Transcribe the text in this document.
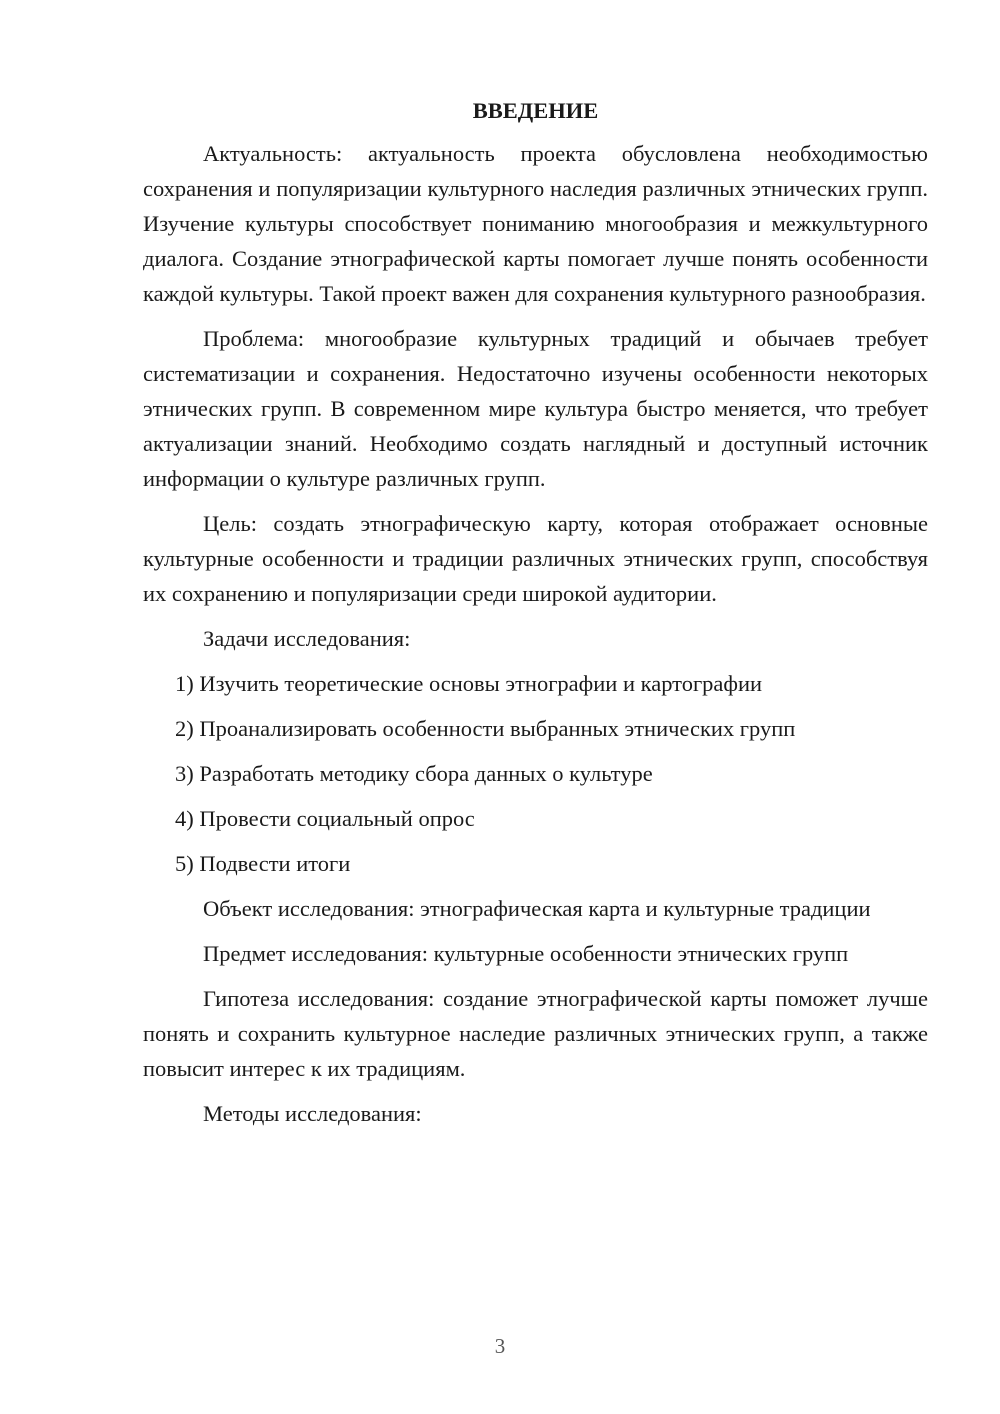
ВВЕДЕНИЕ

Актуальность: актуальность проекта обусловлена необходимостью сохранения и популяризации культурного наследия различных этнических групп. Изучение культуры способствует пониманию многообразия и межкультурного диалога. Создание этнографической карты помогает лучше понять особенности каждой культуры. Такой проект важен для сохранения культурного разнообразия.

Проблема: многообразие культурных традиций и обычаев требует систематизации и сохранения. Недостаточно изучены особенности некоторых этнических групп. В современном мире культура быстро меняется, что требует актуализации знаний. Необходимо создать наглядный и доступный источник информации о культуре различных групп.

Цель: создать этнографическую карту, которая отображает основные культурные особенности и традиции различных этнических групп, способствуя их сохранению и популяризации среди широкой аудитории.

Задачи исследования:

1) Изучить теоретические основы этнографии и картографии

2) Проанализировать особенности выбранных этнических групп

3) Разработать методику сбора данных о культуре

4) Провести социальный опрос

5) Подвести итоги

Объект исследования: этнографическая карта и культурные традиции

Предмет исследования: культурные особенности этнических групп

Гипотеза исследования: создание этнографической карты поможет лучше понять и сохранить культурное наследие различных этнических групп, а также повысит интерес к их традициям.

Методы исследования:

3
